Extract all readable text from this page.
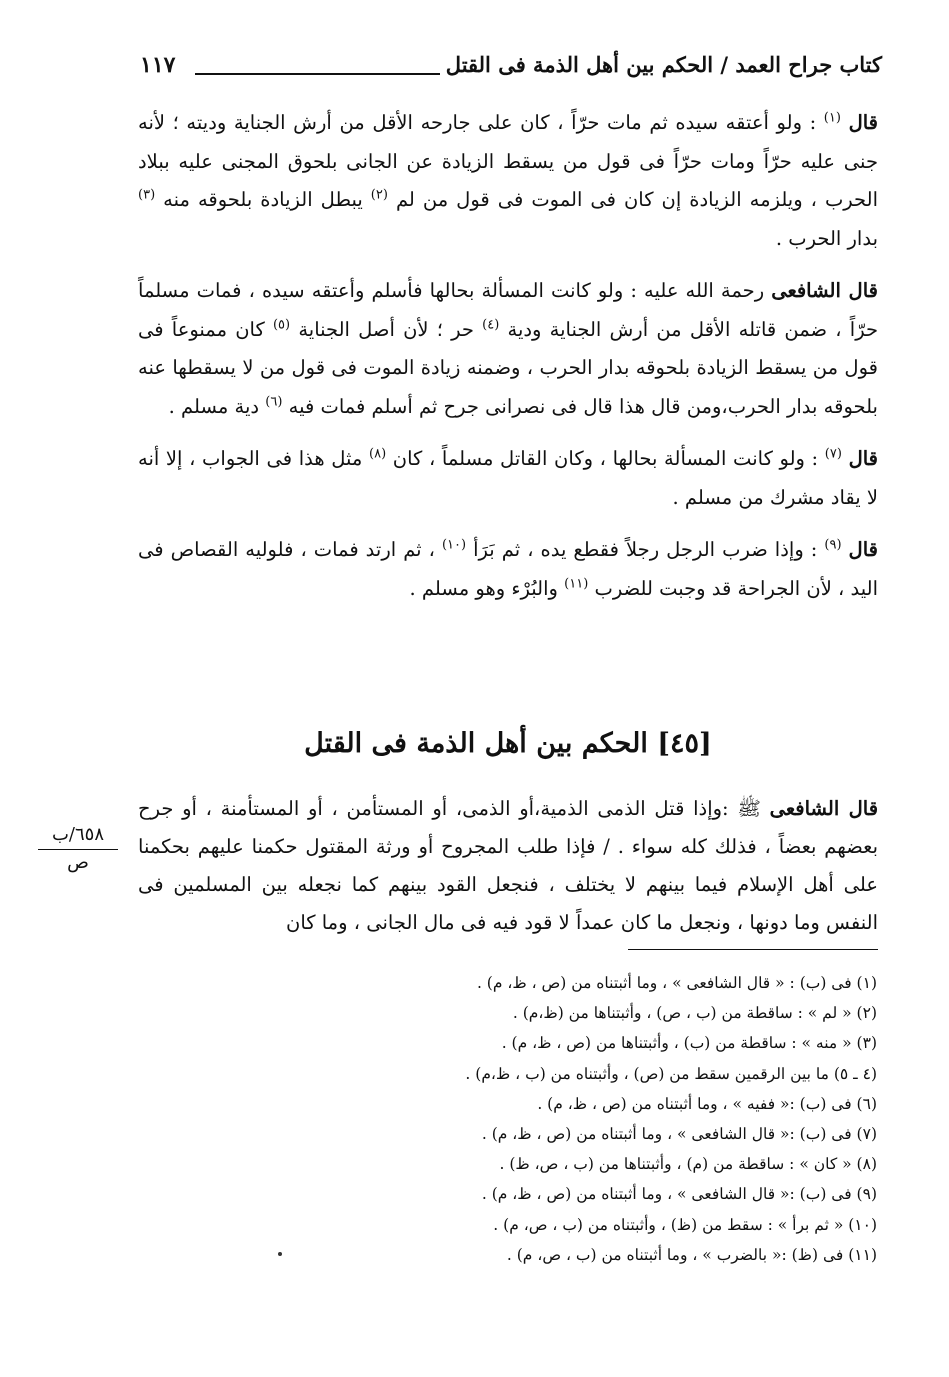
كتاب جراح العمد / الحكم بين أهل الذمة فى القتل
١١٧

قال $^{(١)}$ : ولو أعتقه سيده ثم مات حرّاً ، كان على جارحه الأقل من أرش الجناية وديته ؛ لأنه جنى عليه حرّاً ومات حرّاً فى قول من يسقط الزيادة عن الجانى بلحوق المجنى عليه ببلاد الحرب ، ويلزمه الزيادة إن كان فى الموت فى قول من لم $^{(٢)}$ يبطل الزيادة بلحوقه منه $^{(٣)}$ بدار الحرب .

قال الشافعى رحمة الله عليه : ولو كانت المسألة بحالها فأسلم وأعتقه سيده ، فمات مسلماً حرّاً ، ضمن قاتله الأقل من أرش الجناية ودية $^{(٤)}$ حر ؛ لأن أصل الجناية $^{(٥)}$ كان ممنوعاً فى قول من يسقط الزيادة بلحوقه بدار الحرب ، وضمنه زيادة الموت فى قول من لا يسقطها عنه بلحوقه بدار الحرب،ومن قال هذا قال فى نصرانى جرح ثم أسلم فمات فيه $^{(٦)}$ دية مسلم .

قال $^{(٧)}$ : ولو كانت المسألة بحالها ، وكان القاتل مسلماً ، كان $^{(٨)}$ مثل هذا فى الجواب ، إلا أنه لا يقاد مشرك من مسلم .

قال $^{(٩)}$ : وإذا ضرب الرجل رجلاً فقطع يده ، ثم بَرَأ $^{(١٠)}$ ، ثم ارتد فمات ، فلوليه القصاص فى اليد ، لأن الجراحة قد وجبت للضرب $^{(١١)}$ والبُرْء وهو مسلم .

[٤٥] الحكم بين أهل الذمة فى القتل

قال الشافعى ﷺ :وإذا قتل الذمى الذمية،أو الذمى، أو المستأمن ، أو المستأمنة ، أو جرح بعضهم بعضاً ، فذلك كله سواء . / فإذا طلب المجروح أو ورثة المقتول حكمنا عليهم بحكمنا على أهل الإسلام فيما بينهم لا يختلف ، فنجعل القود بينهم كما نجعله بين المسلمين فى النفس وما دونها ، ونجعل ما كان عمداً لا قود فيه فى مال الجانى ، وما كان

٦٥٨/ب
ص
(١) فى (ب) : « قال الشافعى » ، وما أثبتناه من (ص ، ظ، م) .
(٢) « لم » : ساقطة من (ب ، ص) ، وأثبتناها من (ظ،م) .
(٣) « منه » : ساقطة من (ب) ، وأثبتناها من (ص ، ظ، م) .
(٤ ـ ٥) ما بين الرقمين سقط من (ص) ، وأثبتناه من (ب ، ظ،م) .
(٦) فى (ب) :« ففيه » ، وما أثبتناه من (ص ، ظ، م) .
(٧) فى (ب) :« قال الشافعى » ، وما أثبتناه من (ص ، ظ، م) .
(٨) « كان » : ساقطة من (م) ، وأثبتناها من (ب ، ص، ظ) .
(٩) فى (ب) :« قال الشافعى » ، وما أثبتناه من (ص ، ظ، م) .
(١٠) « ثم برأ » : سقط من (ظ) ، وأثبتناه من (ب ، ص، م) .
(١١) فى (ظ) :« بالضرب » ، وما أثبتناه من (ب ، ص، م) .
